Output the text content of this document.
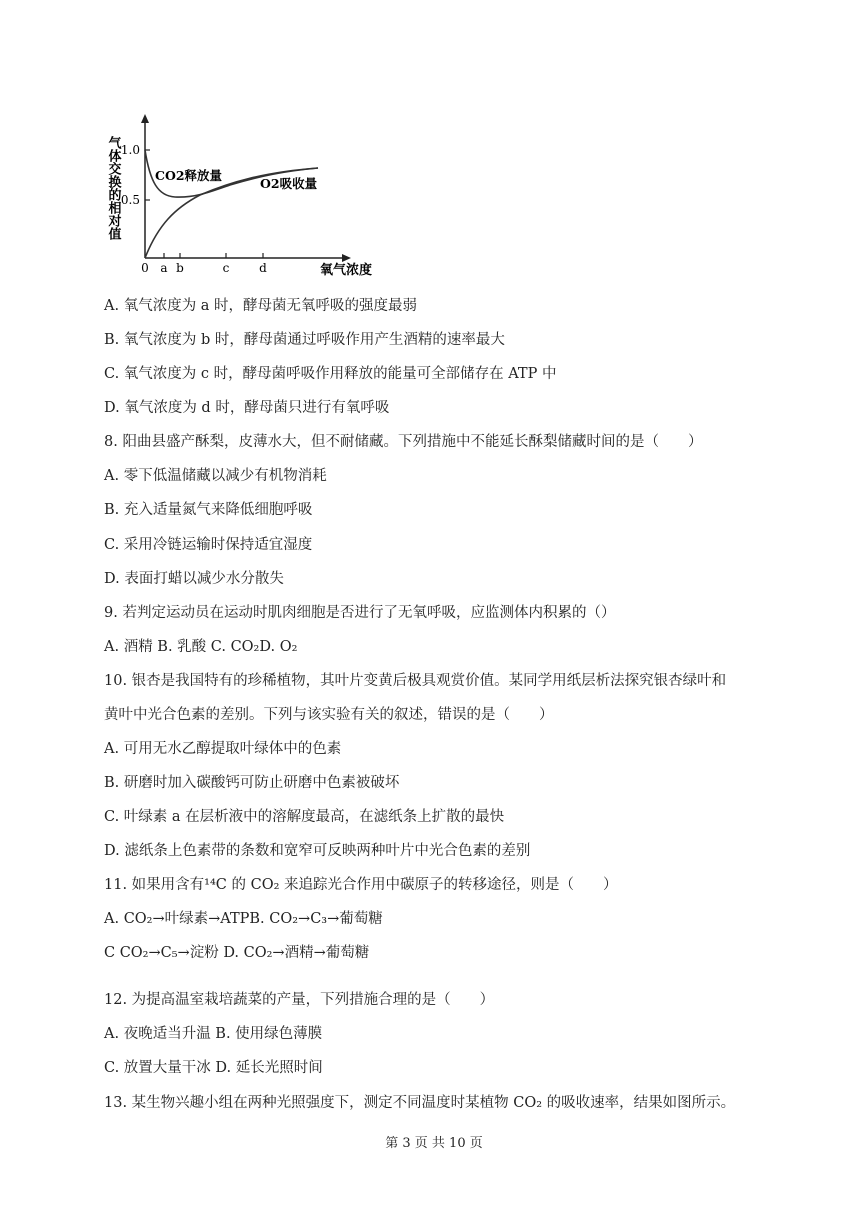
1.0
0.5
0 a b	c d	氧气浓度
气体交换的相对值	CO2释放量
O2吸收量
A. 氧气浓度为 a 时，酵母菌无氧呼吸的强度最弱
B. 氧气浓度为 b 时，酵母菌通过呼吸作用产生酒精的速率最大
C. 氧气浓度为 c 时，酵母菌呼吸作用释放的能量可全部储存在 ATP 中
D. 氧气浓度为 d 时，酵母菌只进行有氧呼吸
8. 阳曲县盛产酥梨，皮薄水大，但不耐储藏。下列措施中不能延长酥梨储藏时间的是（　　）
A. 零下低温储藏以减少有机物消耗
B. 充入适量氮气来降低细胞呼吸
C. 采用冷链运输时保持适宜湿度
D. 表面打蜡以减少水分散失
9. 若判定运动员在运动时肌肉细胞是否进行了无氧呼吸，应监测体内积累的（）
A. 酒精 B. 乳酸 C. CO₂D. O₂
10. 银杏是我国特有的珍稀植物，其叶片变黄后极具观赏价值。某同学用纸层析法探究银杏绿叶和
黄叶中光合色素的差别。下列与该实验有关的叙述，错误的是（　　）
A. 可用无水乙醇提取叶绿体中的色素
B. 研磨时加入碳酸钙可防止研磨中色素被破坏
C. 叶绿素 a 在层析液中的溶解度最高，在滤纸条上扩散的最快
D. 滤纸条上色素带的条数和宽窄可反映两种叶片中光合色素的差别
11. 如果用含有¹⁴C 的 CO₂ 来追踪光合作用中碳原子的转移途径，则是（　　）
A. CO₂→叶绿素→ATPB. CO₂→C₃→葡萄糖
C CO₂→C₅→淀粉 D. CO₂→酒精→葡萄糖
12. 为提高温室栽培蔬菜的产量，下列措施合理的是（　　）
A. 夜晚适当升温 B. 使用绿色薄膜
C. 放置大量干冰 D. 延长光照时间
13. 某生物兴趣小组在两种光照强度下，测定不同温度时某植物 CO₂ 的吸收速率，结果如图所示。
第 3 页 共 10 页
